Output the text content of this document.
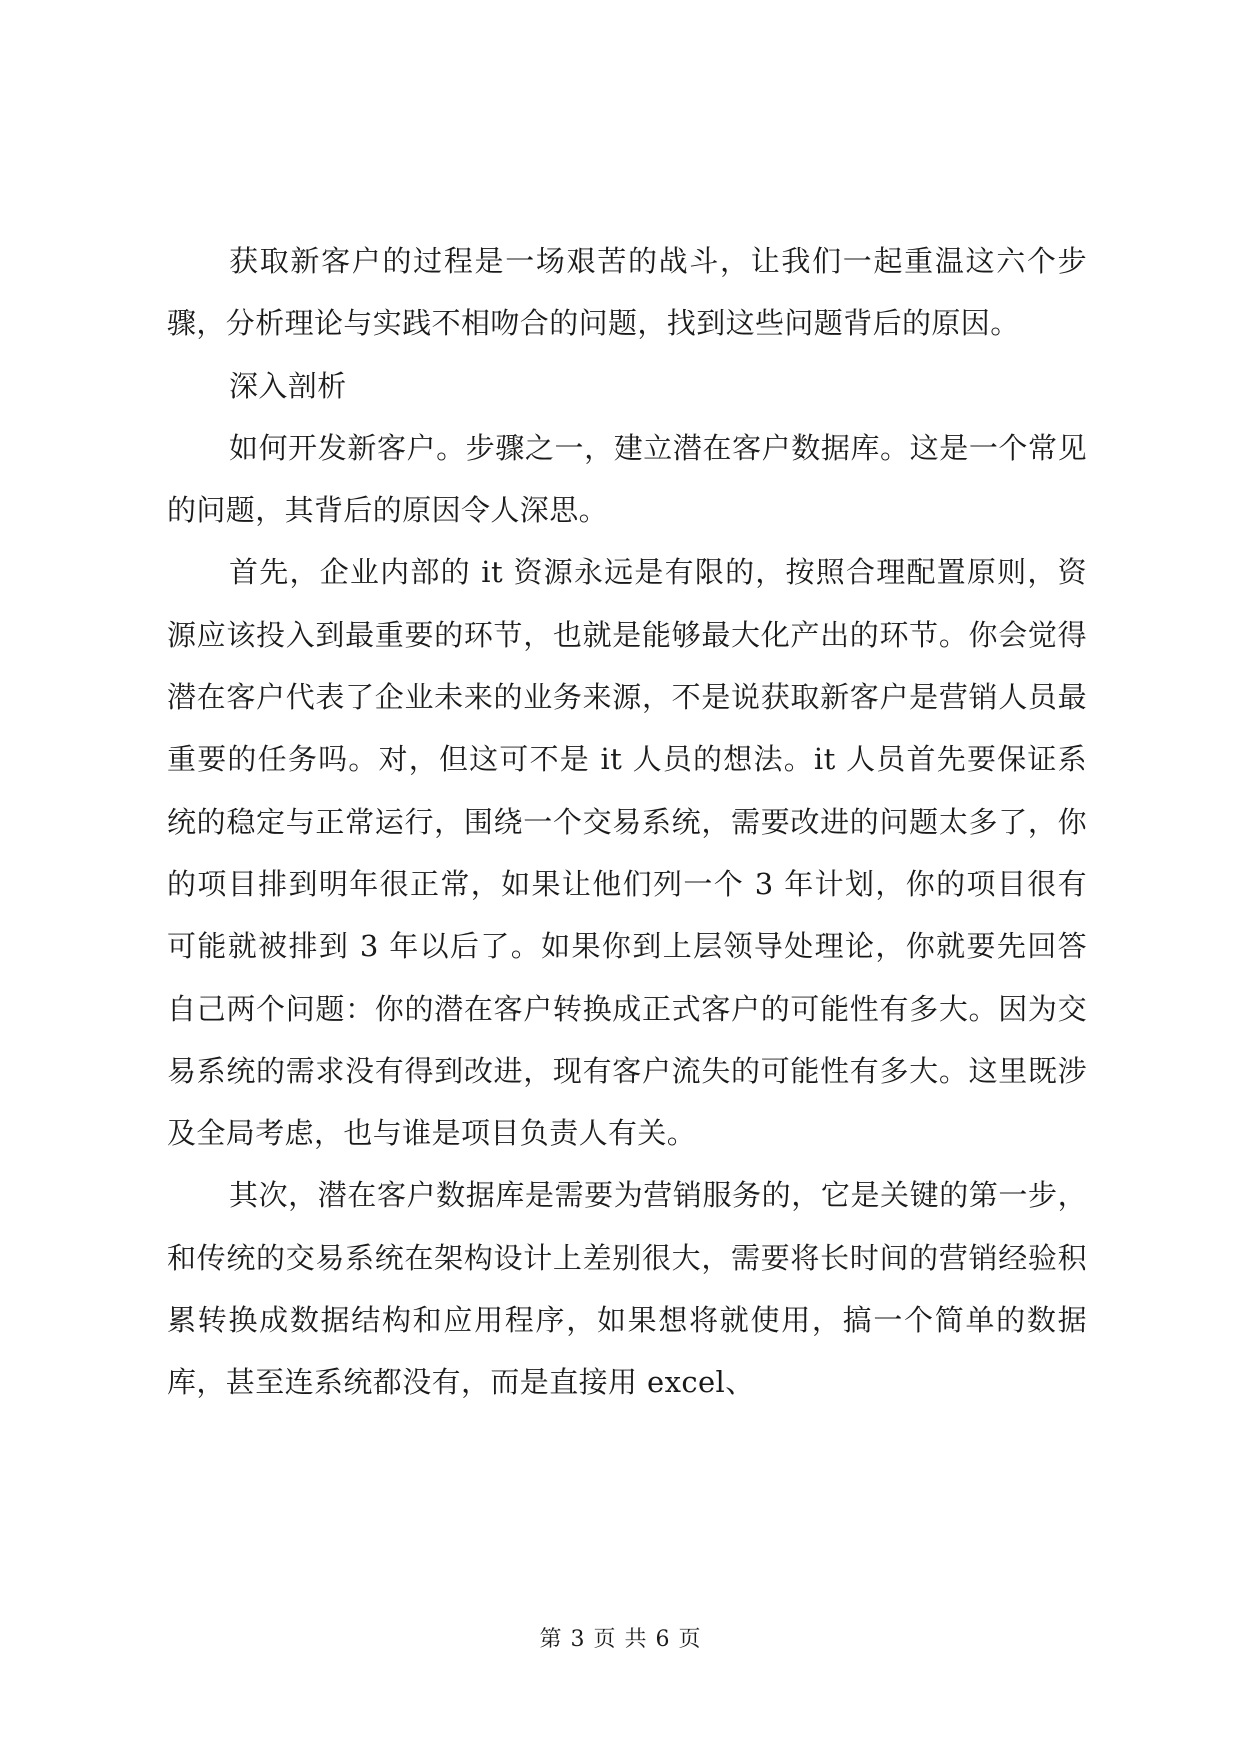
获取新客户的过程是一场艰苦的战斗，让我们一起重温这六个步骤，分析理论与实践不相吻合的问题，找到这些问题背后的原因。

深入剖析

如何开发新客户。步骤之一，建立潜在客户数据库。这是一个常见的问题，其背后的原因令人深思。

首先，企业内部的 it 资源永远是有限的，按照合理配置原则，资源应该投入到最重要的环节，也就是能够最大化产出的环节。你会觉得潜在客户代表了企业未来的业务来源，不是说获取新客户是营销人员最重要的任务吗。对，但这可不是 it 人员的想法。it 人员首先要保证系统的稳定与正常运行，围绕一个交易系统，需要改进的问题太多了，你的项目排到明年很正常，如果让他们列一个 3 年计划，你的项目很有可能就被排到 3 年以后了。如果你到上层领导处理论，你就要先回答自己两个问题：你的潜在客户转换成正式客户的可能性有多大。因为交易系统的需求没有得到改进，现有客户流失的可能性有多大。这里既涉及全局考虑，也与谁是项目负责人有关。

其次，潜在客户数据库是需要为营销服务的，它是关键的第一步，和传统的交易系统在架构设计上差别很大，需要将长时间的营销经验积累转换成数据结构和应用程序，如果想将就使用，搞一个简单的数据库，甚至连系统都没有，而是直接用 excel、

第 3 页 共 6 页
